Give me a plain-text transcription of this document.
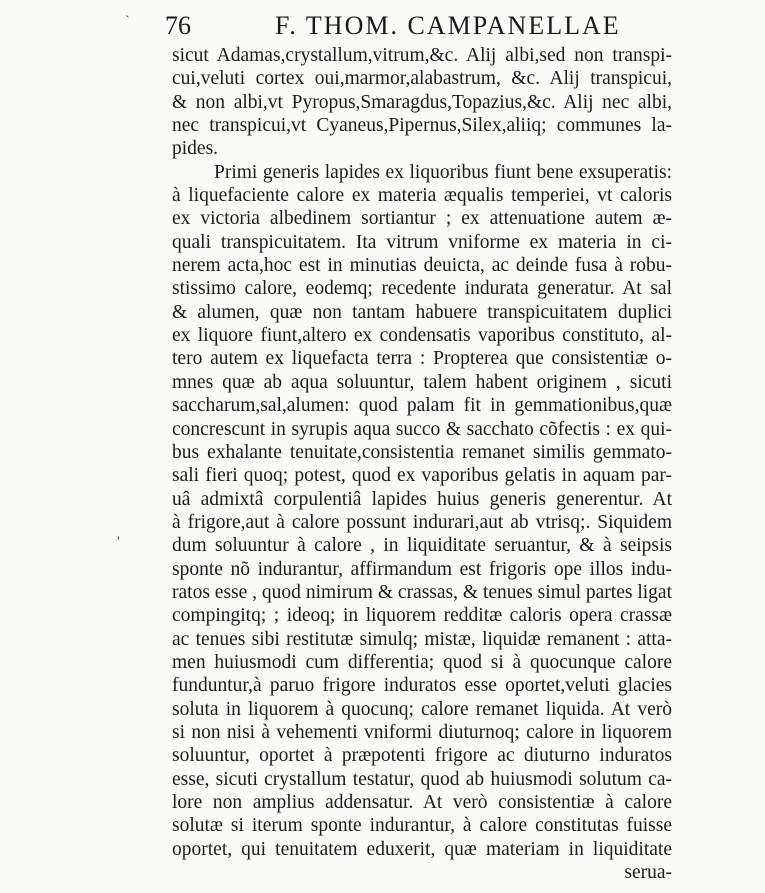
76	F. THOM. CAMPANELLAE
ˋ
ʹ
sicut Adamas,crystallum,vitrum,&c. Alij albi,sed non transpi-
cui,veluti cortex oui,marmor,alabastrum, &c. Alij transpicui,
& non albi,vt Pyropus,Smaragdus,Topazius,&c. Alij nec albi,
nec transpicui,vt Cyaneus,Pipernus,Silex,aliiq; communes la-
pides.
Primi generis lapides ex liquoribus fiunt bene exsuperatis:
à liquefaciente calore ex materia æqualis temperiei, vt caloris
ex victoria albedinem sortiantur ; ex attenuatione autem æ-
quali transpicuitatem. Ita vitrum vniforme ex materia in ci-
nerem acta,hoc est in minutias deuicta, ac deinde fusa à robu-
stissimo calore, eodemq; recedente indurata generatur. At sal
& alumen, quæ non tantam habuere transpicuitatem duplici
ex liquore fiunt,altero ex condensatis vaporibus constituto, al-
tero autem ex liquefacta terra : Propterea que consistentiæ o-
mnes quæ ab aqua soluuntur, talem habent originem , sicuti
saccharum,sal,alumen: quod palam fit in gemmationibus,quæ
concrescunt in syrupis aqua succo & sacchato cõfectis : ex qui-
bus exhalante tenuitate,consistentia remanet similis gemmato-
sali fieri quoq; potest, quod ex vaporibus gelatis in aquam par-
uâ admixtâ corpulentiâ lapides huius generis generentur. At
à frigore,aut à calore possunt indurari,aut ab vtrisq;. Siquidem
dum soluuntur à calore , in liquiditate seruantur, & à seipsis
sponte nõ indurantur, affirmandum est frigoris ope illos indu-
ratos esse , quod nimirum & crassas, & tenues simul partes ligat
compingitq; ; ideoq; in liquorem redditæ caloris opera crassæ
ac tenues sibi restitutæ simulq; mistæ, liquidæ remanent : atta-
men huiusmodi cum differentia; quod si à quocunque calore
funduntur,à paruo frigore induratos esse oportet,veluti glacies
soluta in liquorem à quocunq; calore remanet liquida. At verò
si non nisi à vehementi vniformi diuturnoq; calore in liquorem
soluuntur, oportet à præpotenti frigore ac diuturno induratos
esse, sicuti crystallum testatur, quod ab huiusmodi solutum ca-
lore non amplius addensatur. At verò consistentiæ à calore
solutæ si iterum sponte indurantur, à calore constitutas fuisse
oportet, qui tenuitatem eduxerit, quæ materiam in liquiditate
serua-
